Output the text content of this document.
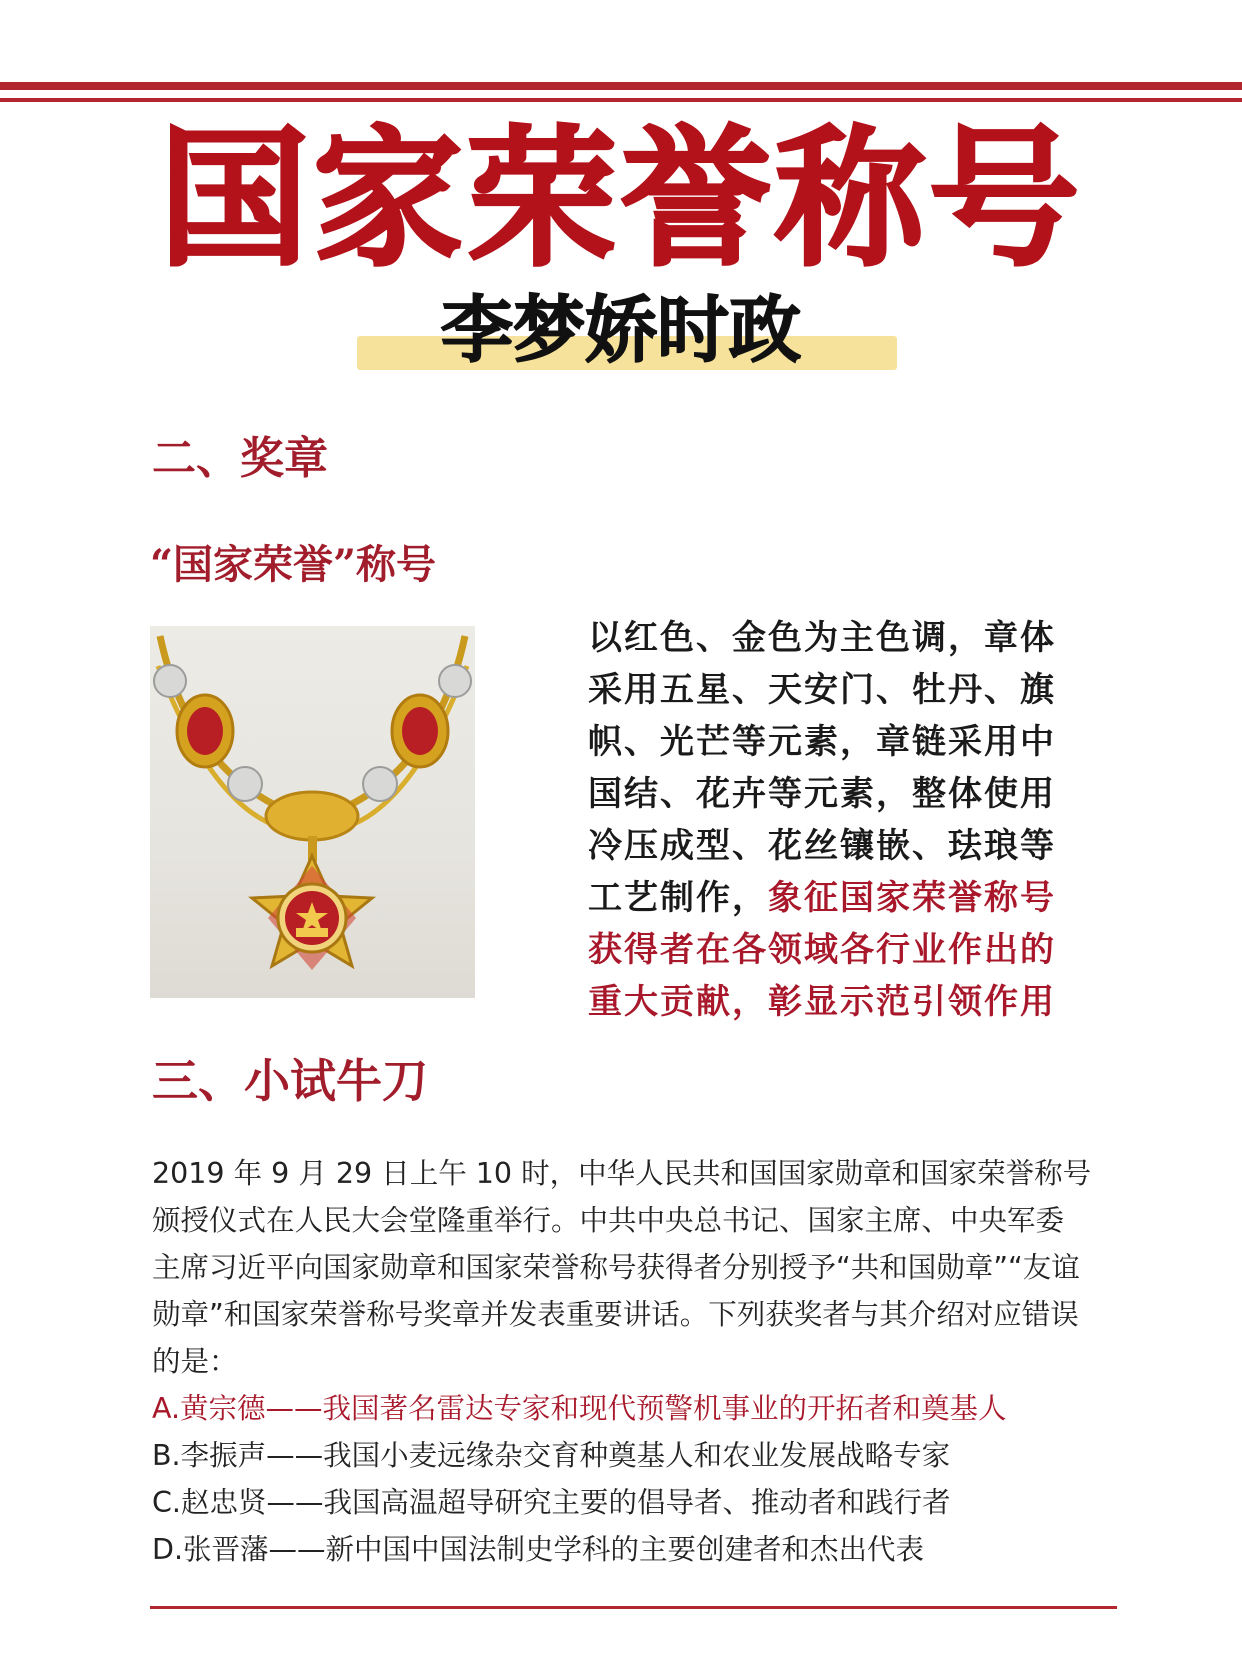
国家荣誉称号
李梦娇时政
二、奖章
“国家荣誉”称号
以红色、金色为主色调，章体采用五星、天安门、牡丹、旗帜、光芒等元素，章链采用中国结、花卉等元素，整体使用冷压成型、花丝镶嵌、珐琅等工艺制作，象征国家荣誉称号获得者在各领域各行业作出的重大贡献，彰显示范引领作用
三、小试牛刀

2019 年 9 月 29 日上午 10 时，中华人民共和国国家勋章和国家荣誉称号颁授仪式在人民大会堂隆重举行。中共中央总书记、国家主席、中央军委主席习近平向国家勋章和国家荣誉称号获得者分别授予“共和国勋章”“友谊勋章”和国家荣誉称号奖章并发表重要讲话。下列获奖者与其介绍对应错误的是：

A.黄宗德——我国著名雷达专家和现代预警机事业的开拓者和奠基人

B.李振声——我国小麦远缘杂交育种奠基人和农业发展战略专家

C.赵忠贤——我国高温超导研究主要的倡导者、推动者和践行者

D.张晋藩——新中国中国法制史学科的主要创建者和杰出代表
